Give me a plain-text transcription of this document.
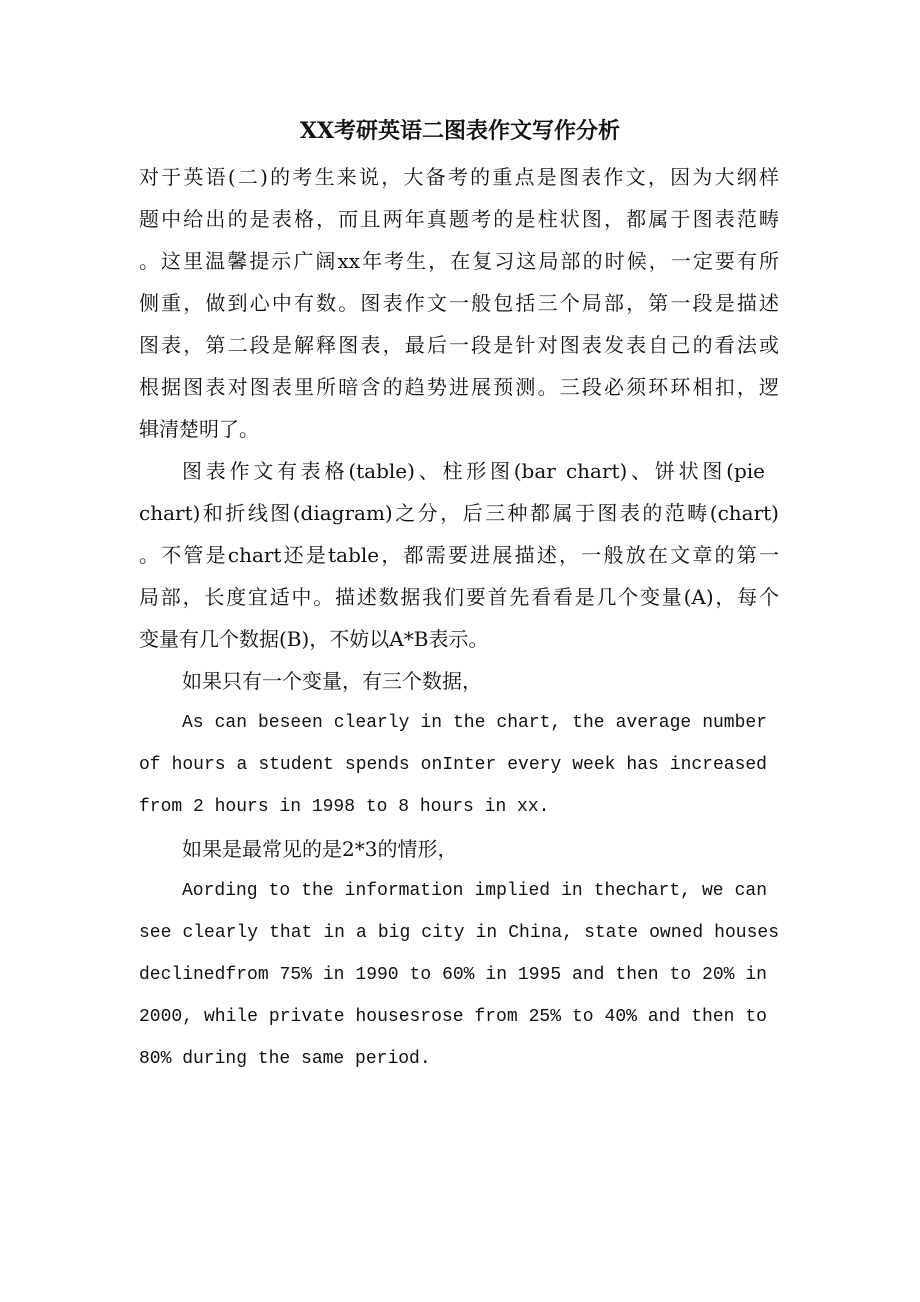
XX考研英语二图表作文写作分析
对于英语(二)的考生来说，大备考的重点是图表作文，因为大纲样
题中给出的是表格，而且两年真题考的是柱状图，都属于图表范畴
。这里温馨提示广阔xx年考生，在复习这局部的时候，一定要有所
侧重，做到心中有数。图表作文一般包括三个局部，第一段是描述
图表，第二段是解释图表，最后一段是针对图表发表自己的看法或
根据图表对图表里所暗含的趋势进展预测。三段必须环环相扣，逻
辑清楚明了。
图表作文有表格(table)、柱形图(bar chart)、饼状图(pie
chart)和折线图(diagram)之分，后三种都属于图表的范畴(chart)
。不管是chart还是table，都需要进展描述，一般放在文章的第一
局部，长度宜适中。描述数据我们要首先看看是几个变量(A)，每个
变量有几个数据(B)，不妨以A*B表示。
如果只有一个变量，有三个数据，
As can beseen clearly in the chart, the average number
of hours a student spends onInter every week has increased
from 2 hours in 1998 to 8 hours in xx.
如果是最常见的是2*3的情形，
Aording to the information implied in thechart, we can
see clearly that in a big city in China, state owned houses
declinedfrom 75% in 1990 to 60% in 1995 and then to 20% in
2000, while private housesrose from 25% to 40% and then to
80% during the same period.
